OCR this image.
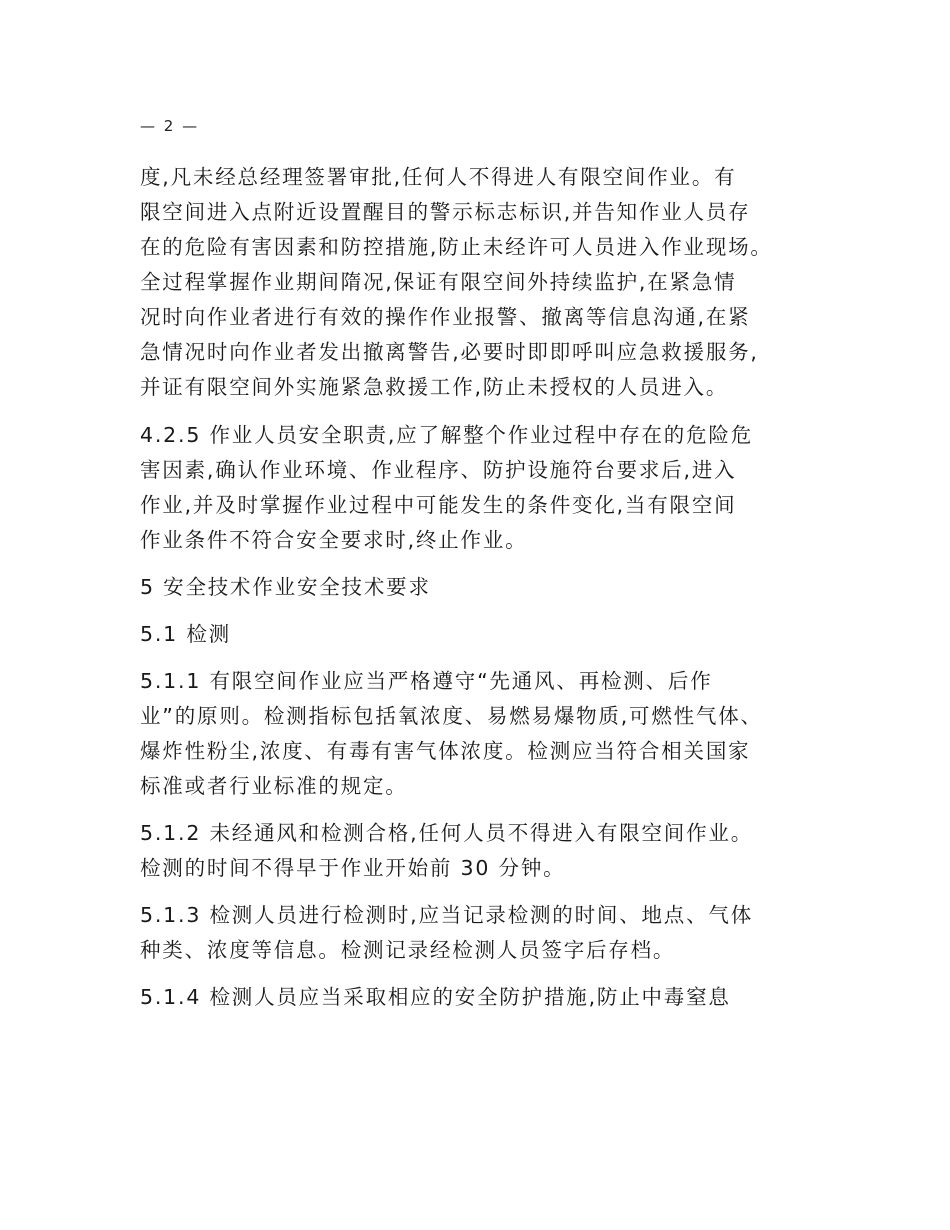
— 2 —

度,凡未经总经理签署审批,任何人不得进人有限空间作业。有
限空间进入点附近设置醒目的警示标志标识,并告知作业人员存
在的危险有害因素和防控措施,防止未经许可人员进入作业现场。
全过程掌握作业期间隋况,保证有限空间外持续监护,在紧急情
况时向作业者进行有效的操作作业报警、撤离等信息沟通,在紧
急情况时向作业者发出撤离警告,必要时即即呼叫应急救援服务,
并证有限空间外实施紧急救援工作,防止未授权的人员进入。

4.2.5 作业人员安全职责,应了解整个作业过程中存在的危险危
害因素,确认作业环境、作业程序、防护设施符台要求后,进入
作业,并及时掌握作业过程中可能发生的条件变化,当有限空间
作业条件不符合安全要求时,终止作业。

5 安全技术作业安全技术要求

5.1 检测

5.1.1 有限空间作业应当严格遵守“先通风、再检测、后作
业”的原则。检测指标包括氧浓度、易燃易爆物质,可燃性气体、
爆炸性粉尘,浓度、有毒有害气体浓度。检测应当符合相关国家
标准或者行业标准的规定。

5.1.2 未经通风和检测合格,任何人员不得进入有限空间作业。
检测的时间不得早于作业开始前 30 分钟。

5.1.3 检测人员进行检测时,应当记录检测的时间、地点、气体
种类、浓度等信息。检测记录经检测人员签字后存档。

5.1.4 检测人员应当采取相应的安全防护措施,防止中毒窒息
